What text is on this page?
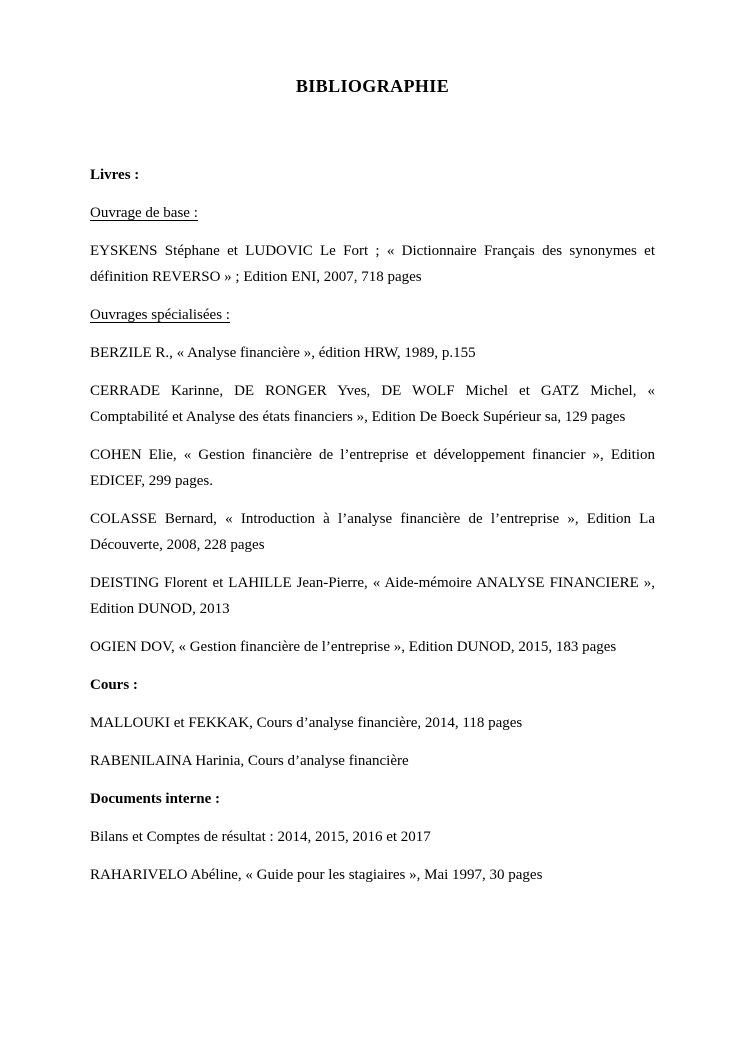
BIBLIOGRAPHIE

Livres :

Ouvrage de base :

EYSKENS Stéphane et LUDOVIC Le Fort ; « Dictionnaire Français des synonymes et définition REVERSO » ; Edition ENI, 2007, 718 pages

Ouvrages spécialisées :

BERZILE R., « Analyse financière », édition HRW, 1989, p.155

CERRADE Karinne, DE RONGER Yves, DE WOLF Michel et GATZ Michel, « Comptabilité et Analyse des états financiers », Edition De Boeck Supérieur sa, 129 pages

COHEN Elie, « Gestion financière de l’entreprise et développement financier », Edition EDICEF, 299 pages.

COLASSE Bernard, « Introduction à l’analyse financière de l’entreprise », Edition La Découverte, 2008, 228 pages

DEISTING Florent et LAHILLE Jean-Pierre, « Aide-mémoire ANALYSE FINANCIERE », Edition DUNOD, 2013

OGIEN DOV, « Gestion financière de l’entreprise », Edition DUNOD, 2015, 183 pages

Cours :

MALLOUKI et FEKKAK, Cours d’analyse financière, 2014, 118 pages

RABENILAINA Harinia, Cours d’analyse financière

Documents interne :

Bilans et Comptes de résultat : 2014, 2015, 2016 et 2017

RAHARIVELO Abéline, « Guide pour les stagiaires », Mai 1997, 30 pages
